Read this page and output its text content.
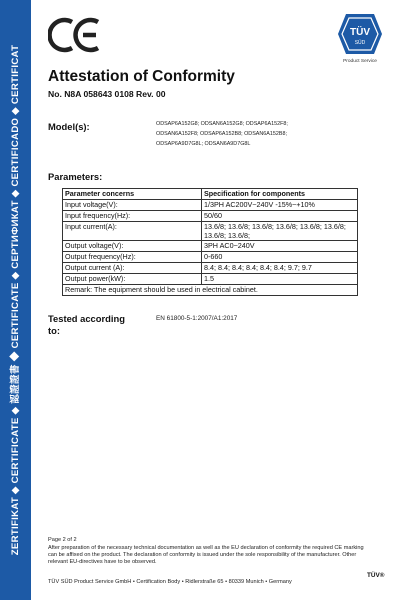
ZERTIFIKAT ◆ CERTIFICATE ◆ 認證證書 ◆ CERTIFICATE ◆ СЕРТИФИКАТ ◆ CERTIFICADO ◆ CERTIFICAT
TÜV
SÜD
Product Service
Attestation of Conformity
No. N8A 058643 0108 Rev. 00
Model(s):	ODSAP6A152G8; ODSAN6A152G8; ODSAP6A152F8;
ODSAN6A152F8; ODSAP6A152B8; ODSAN6A152B8;
ODSAP6A9D7G8L; ODSAN6A9D7G8L
Parameters:
Parameter concerns	Specification for components
Input voltage(V):	1/3PH AC200V~240V -15%~+10%
Input frequency(Hz):	50/60
Input current(A):	13.6/8; 13.6/8; 13.6/8; 13.6/8; 13.6/8; 13.6/8; 13.6/8; 13.6/8;
Output voltage(V):	3PH AC0~240V
Output frequency(Hz):	0-660
Output current (A):	8.4; 8.4; 8.4; 8.4; 8.4; 8.4; 9.7; 9.7
Output power(kW):	1.5
Remark: The equipment should be used in electrical cabinet.	
Tested according to:
EN 61800-5-1:2007/A1:2017
Page 2 of 2
After preparation of the necessary technical documentation as well as the EU declaration of conformity the required CE marking can be affixed on the product. The declaration of conformity is issued under the sole responsibility of the manufacturer. Other relevant EU-directives have to be observed.
TÜV SÜD Product Service GmbH • Certification Body • Ridlerstraße 65 • 80339 Munich • Germany
TÜV®
